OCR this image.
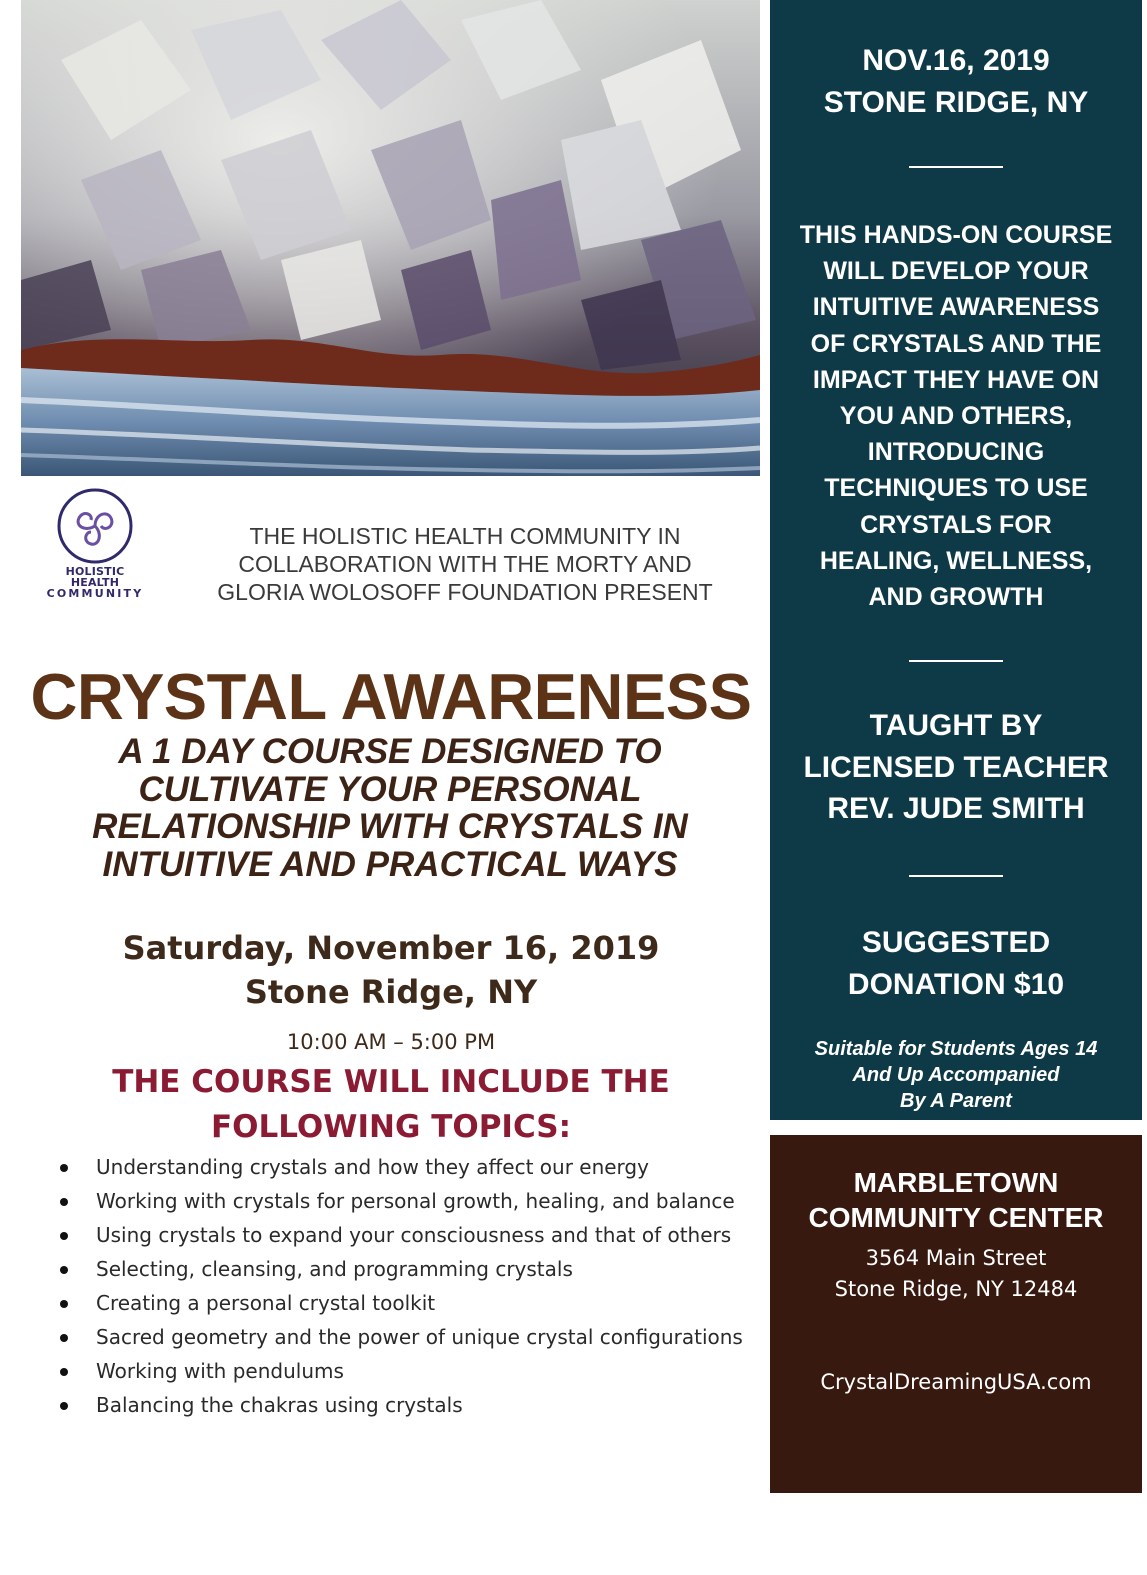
HOLISTIC HEALTH
COMMUNITY
THE HOLISTIC HEALTH COMMUNITY IN
COLLABORATION WITH THE MORTY AND
GLORIA WOLOSOFF FOUNDATION PRESENT
CRYSTAL AWARENESS
A 1 DAY COURSE DESIGNED TO
CULTIVATE YOUR PERSONAL
RELATIONSHIP WITH CRYSTALS IN
INTUITIVE AND PRACTICAL WAYS
Saturday, November 16, 2019
Stone Ridge, NY
10:00 AM – 5:00 PM
THE COURSE WILL INCLUDE THE
FOLLOWING TOPICS:
Understanding crystals and how they affect our energy
Working with crystals for personal growth, healing, and balance
Using crystals to expand your consciousness and that of others
Selecting, cleansing, and programming crystals
Creating a personal crystal toolkit
Sacred geometry and the power of unique crystal configurations
Working with pendulums
Balancing the chakras using crystals
NOV.16, 2019
STONE RIDGE, NY
THIS HANDS-ON COURSE
WILL DEVELOP YOUR
INTUITIVE AWARENESS
OF CRYSTALS AND THE
IMPACT THEY HAVE ON
YOU AND OTHERS,
INTRODUCING
TECHNIQUES TO USE
CRYSTALS FOR
HEALING, WELLNESS,
AND GROWTH
TAUGHT BY
LICENSED TEACHER
REV. JUDE SMITH
SUGGESTED
DONATION $10
Suitable for Students Ages 14
And Up Accompanied
By A Parent
MARBLETOWN
COMMUNITY CENTER
3564 Main Street
Stone Ridge, NY 12484
CrystalDreamingUSA.com
